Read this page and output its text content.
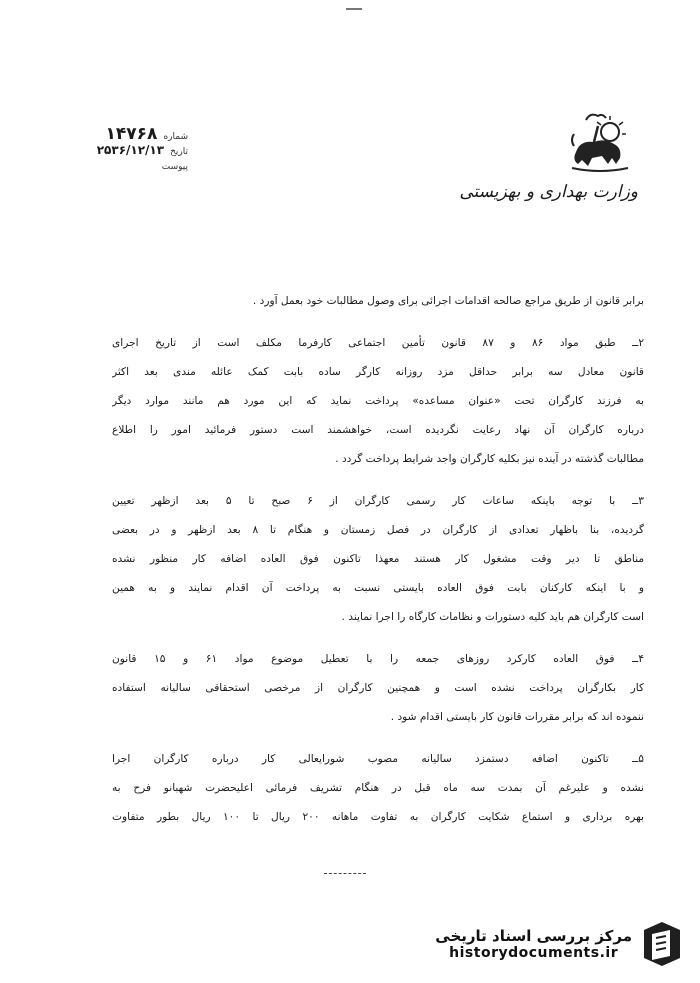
وزارت بهداری و بهزیستی
شماره
۱۴۷۶۸
تاریخ
۲۵۳۶/۱۲/۱۳
پیوست

برابر قانون از طریق مراجع صالحه اقدامات اجرائی برای وصول مطالبات خود بعمل آورد .

۲ــ طبق مواد ۸۶ و ۸۷ قانون تأمین اجتماعی کارفرما مکلف است از تاریخ اجرای

قانون معادل سه برابر حداقل مزد روزانه کارگر ساده بابت کمک عائله مندی بعد اکثر

به فرزند کارگران تحت «عنوان مساعده» پرداخت نماید که این مورد هم مانند موارد دیگر

درباره کارگران آن نهاد رعایت نگردیده است، خواهشمند است دستور فرمائید امور را اطلاع

مطالبات گذشته در آینده نیز بکلیه کارگران واجد شرایط پرداخت گردد .

۳ــ با توجه باینکه ساعات کار رسمی کارگران از ۶ صبح تا ۵ بعد ازظهر تعیین

گردیده، بنا باظهار تعدادی از کارگران در فصل زمستان و هنگام تا ۸ بعد ازظهر و در بعضی

مناطق تا دیر وقت مشغول کار هستند معهذا تاکنون فوق العاده اضافه کار منظور نشده

و با اینکه کارکنان بابت فوق العاده بایستی نسبت به پرداخت آن اقدام نمایند و به همین

است کارگران هم باید کلیه دستورات و نظامات کارگاه را اجرا نمایند .

۴ــ فوق العاده کارکرد روزهای جمعه را با تعطیل موضوع مواد ۶۱ و ۱۵ قانون

کار بکارگران پرداخت نشده است و همچنین کارگران از مرخصی استحقاقی سالیانه استفاده

ننموده اند که برابر مقررات قانون کار بایستی اقدام شود .

۵ــ تاکنون اضافه دستمزد سالیانه مصوب شورایعالی کار درباره کارگران اجرا

نشده و علیرغم آن بمدت سه ماه قبل در هنگام تشریف فرمائی اعلیحضرت شهبانو فرح به

بهره برداری و استماع شکایت کارگران به تفاوت ماهانه ۲۰۰ ریال تا ۱۰۰ ریال بطور متفاوت

مرکز بررسی اسناد تاریخی
historydocuments.ir
